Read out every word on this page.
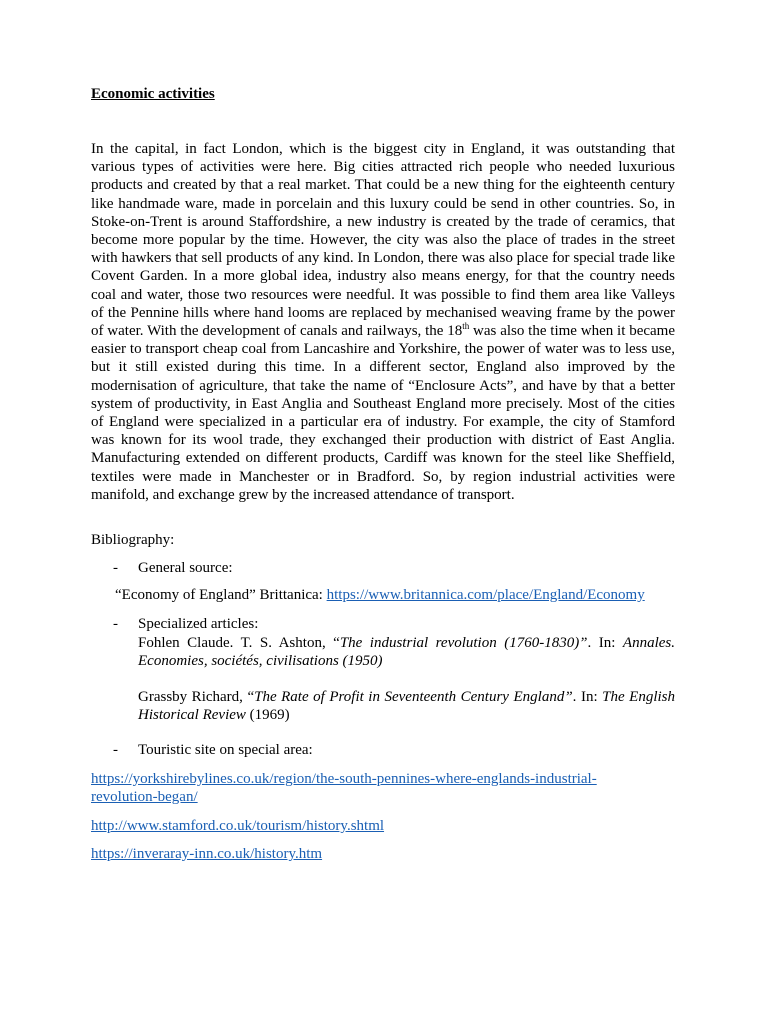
Economic activities

In the capital, in fact London, which is the biggest city in England, it was outstanding that various types of activities were here. Big cities attracted rich people who needed luxurious products and created by that a real market. That could be a new thing for the eighteenth century like handmade ware, made in porcelain and this luxury could be send in other countries. So, in Stoke-on-Trent is around Staffordshire, a new industry is created by the trade of ceramics, that become more popular by the time. However, the city was also the place of trades in the street with hawkers that sell products of any kind. In London, there was also place for special trade like Covent Garden. In a more global idea, industry also means energy, for that the country needs coal and water, those two resources were needful. It was possible to find them area like Valleys of the Pennine hills where hand looms are replaced by mechanised weaving frame by the power of water. With the development of canals and railways, the 18th was also the time when it became easier to transport cheap coal from Lancashire and Yorkshire, the power of water was to less use, but it still existed during this time. In a different sector, England also improved by the modernisation of agriculture, that take the name of “Enclosure Acts”, and have by that a better system of productivity, in East Anglia and Southeast England more precisely. Most of the cities of England were specialized in a particular era of industry. For example, the city of Stamford was known for its wool trade, they exchanged their production with district of East Anglia. Manufacturing extended on different products, Cardiff was known for the steel like Sheffield, textiles were made in Manchester or in Bradford. So, by region industrial activities were manifold, and exchange grew by the increased attendance of transport.

Bibliography:
- General source:
“Economy of England” Brittanica: https://www.britannica.com/place/England/Economy
- Specialized articles:

Fohlen Claude. T. S. Ashton, “The industrial revolution (1760-1830)”. In: Annales. Economies, sociétés, civilisations (1950)

Grassby Richard, “The Rate of Profit in Seventeenth Century England”. In: The English Historical Review (1969)

- Touristic site on special area:
https://yorkshirebylines.co.uk/region/the-south-pennines-where-englands-industrial-revolution-began/
http://www.stamford.co.uk/tourism/history.shtml
https://inveraray-inn.co.uk/history.htm
